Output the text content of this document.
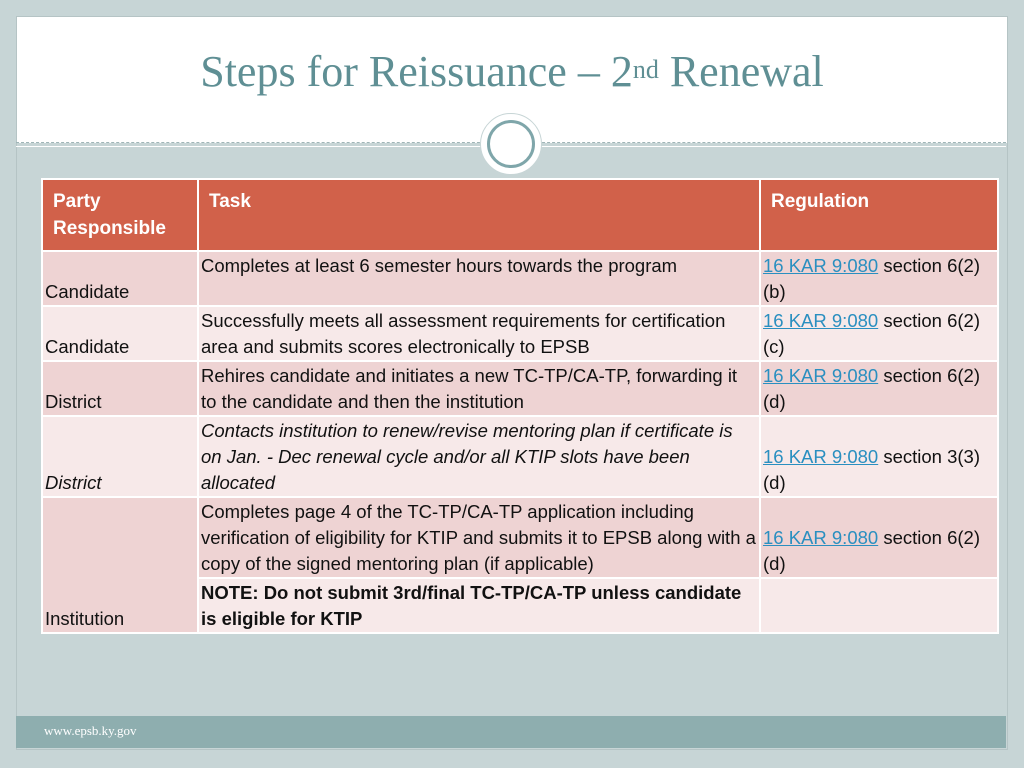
Steps for Reissuance – 2nd Renewal
Party Responsible	Task	Regulation
Candidate	Completes at least 6 semester hours towards the program	16 KAR 9:080 section 6(2)(b)
Candidate	Successfully meets all assessment requirements for certification area and submits scores electronically to EPSB	16 KAR 9:080 section 6(2)(c)
District	Rehires candidate and initiates a new TC-TP/CA-TP, forwarding it to the candidate and then the institution	16 KAR 9:080 section 6(2)(d)
District	Contacts institution to renew/revise mentoring plan if certificate is on Jan. - Dec renewal cycle and/or all KTIP slots have been allocated	16 KAR 9:080 section 3(3)(d)
Institution	Completes page 4 of the TC-TP/CA-TP application including verification of eligibility for KTIP and submits it to EPSB along with a copy of the signed mentoring plan (if applicable)	16 KAR 9:080 section 6(2)(d)
	NOTE: Do not submit 3rd/final TC-TP/CA-TP unless candidate is eligible for KTIP	
www.epsb.ky.gov
